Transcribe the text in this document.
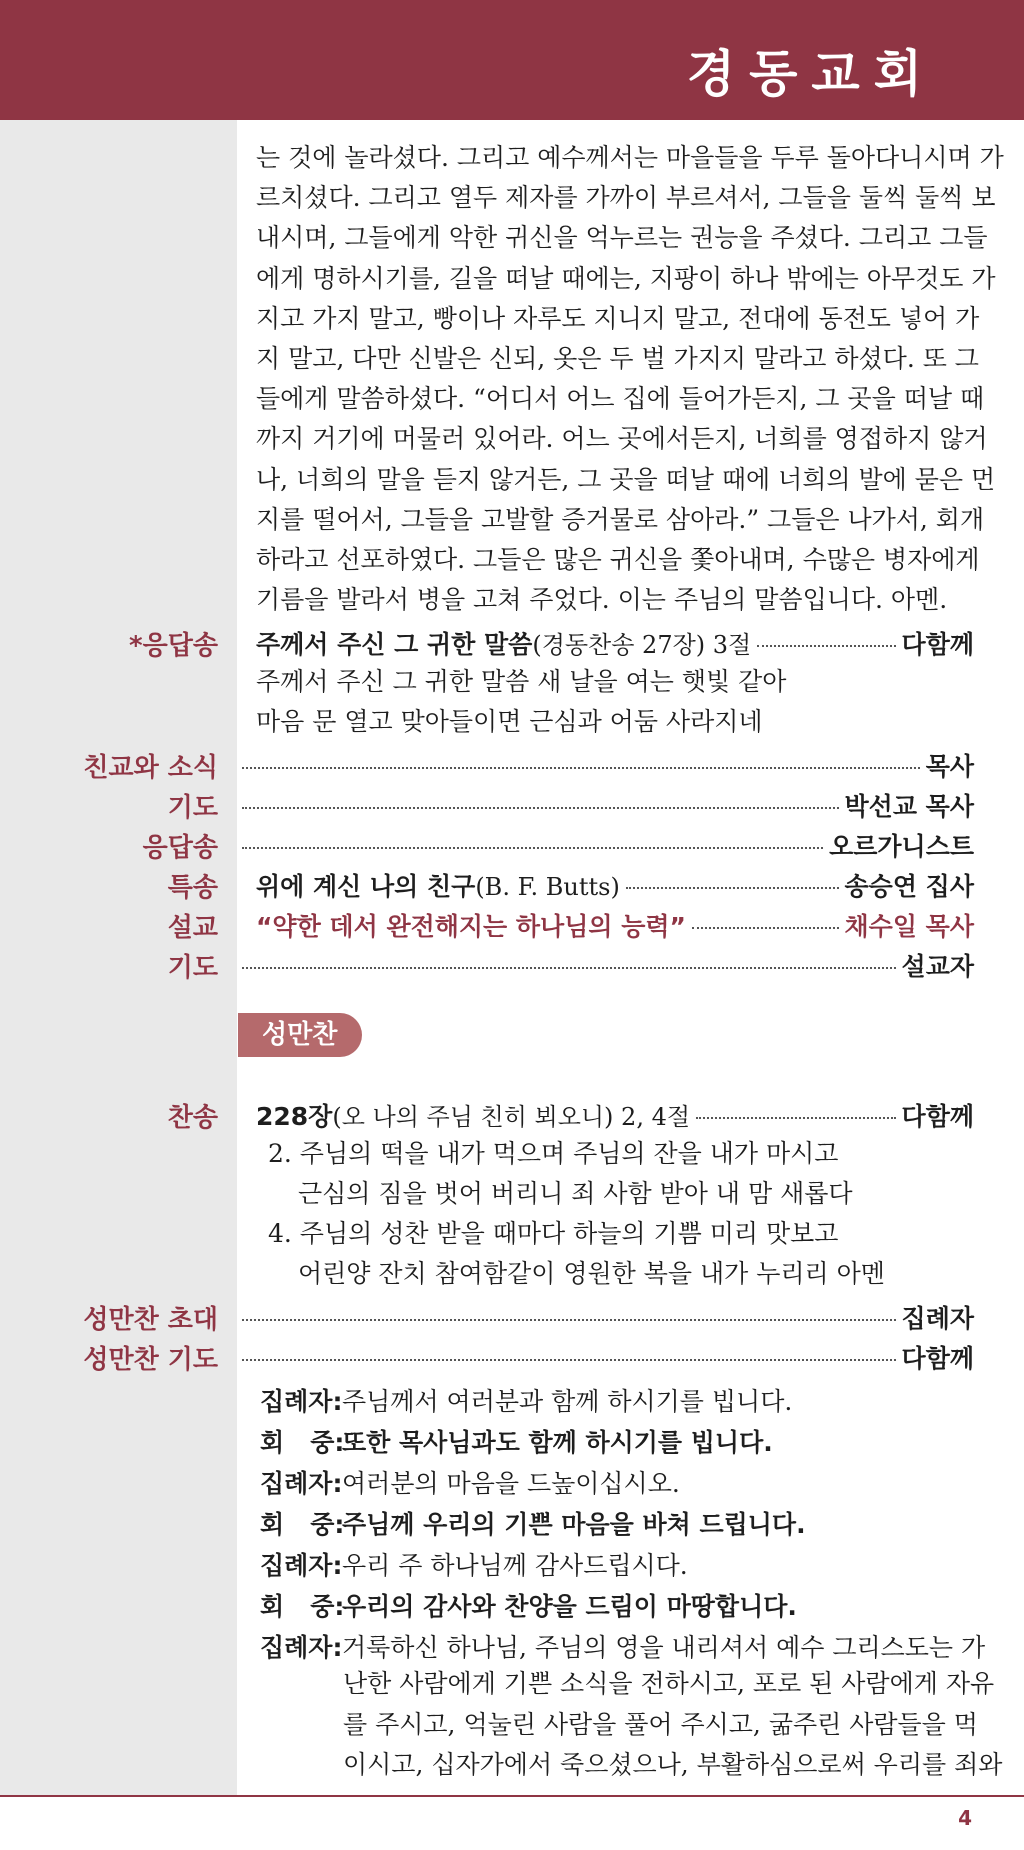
경동교회
는 것에 놀라셨다. 그리고 예수께서는 마을들을 두루 돌아다니시며 가
르치셨다. 그리고 열두 제자를 가까이 부르셔서, 그들을 둘씩 둘씩 보
내시며, 그들에게 악한 귀신을 억누르는 권능을 주셨다. 그리고 그들
에게 명하시기를, 길을 떠날 때에는, 지팡이 하나 밖에는 아무것도 가
지고 가지 말고, 빵이나 자루도 지니지 말고, 전대에 동전도 넣어 가
지 말고, 다만 신발은 신되, 옷은 두 벌 가지지 말라고 하셨다. 또 그
들에게 말씀하셨다. “어디서 어느 집에 들어가든지, 그 곳을 떠날 때
까지 거기에 머물러 있어라. 어느 곳에서든지, 너희를 영접하지 않거
나, 너희의 말을 듣지 않거든, 그 곳을 떠날 때에 너희의 발에 묻은 먼
지를 떨어서, 그들을 고발할 증거물로 삼아라.” 그들은 나가서, 회개
하라고 선포하였다. 그들은 많은 귀신을 쫓아내며, 수많은 병자에게
기름을 발라서 병을 고쳐 주었다. 이는 주님의 말씀입니다. 아멘.
*응답송 주께서 주신 그 귀한 말씀 (경동찬송 27장) 3절	다함께
주께서 주신 그 귀한 말씀 새 날을 여는 햇빛 같아
마음 문 열고 맞아들이면 근심과 어둠 사라지네
친교와 소식	목사
기도	박선교 목사
응답송	오르가니스트
특송 위에 계신 나의 친구 (B. F. Butts)	송승연 집사
설교 “약한 데서 완전해지는 하나님의 능력”	채수일 목사
기도	설교자
성만찬
찬송 228장 (오 나의 주님 친히 뵈오니) 2, 4절	다함께
2. 주님의 떡을 내가 먹으며 주님의 잔을 내가 마시고
근심의 짐을 벗어 버리니 죄 사함 받아 내 맘 새롭다
4. 주님의 성찬 받을 때마다 하늘의 기쁨 미리 맛보고
어린양 잔치 참여함같이 영원한 복을 내가 누리리 아멘
성만찬 초대	집례자
성만찬 기도	다함께
집례자: 주님께서 여러분과 함께 하시기를 빕니다.
회   중:
또한 목사님과도 함께 하시기를 빕니다.
집례자: 여러분의 마음을 드높이십시오.
회   중:
주님께 우리의 기쁜 마음을 바쳐 드립니다.
집례자: 우리 주 하나님께 감사드립시다.
회   중:
우리의 감사와 찬양을 드림이 마땅합니다.
집례자: 거룩하신 하나님, 주님의 영을 내리셔서 예수 그리스도는 가
난한 사람에게 기쁜 소식을 전하시고, 포로 된 사람에게 자유
를 주시고, 억눌린 사람을 풀어 주시고, 굶주린 사람들을 먹
이시고, 십자가에서 죽으셨으나, 부활하심으로써 우리를 죄와
4
